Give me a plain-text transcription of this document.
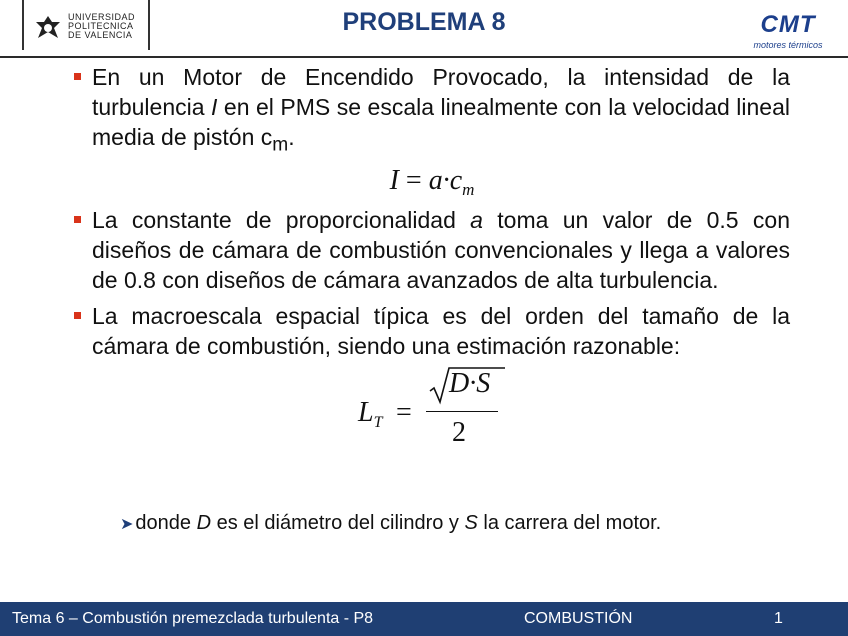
UNIVERSIDAD
POLITECNICA
DE VALENCIA	PROBLEMA 8	CMT
motores térmicos
En un Motor de Encendido Provocado, la intensidad de la turbulencia I en el PMS se escala linealmente con la velocidad lineal media de pistón $c_m$.
$I = a\cdot c_m$
La constante de proporcionalidad a toma un valor de 0.5 con diseños de cámara de combustión convencionales y llega a valores de 0.8 con diseños de cámara avanzados de alta turbulencia.
La macroescala espacial típica es del orden del tamaño de la cámara de combustión, siendo una estimación razonable:
$L_T$ =
D·S
2
➤ donde D es el diámetro del cilindro y S la carrera del motor.
Tema 6 – Combustión premezclada turbulenta - P8	COMBUSTIÓN	1
